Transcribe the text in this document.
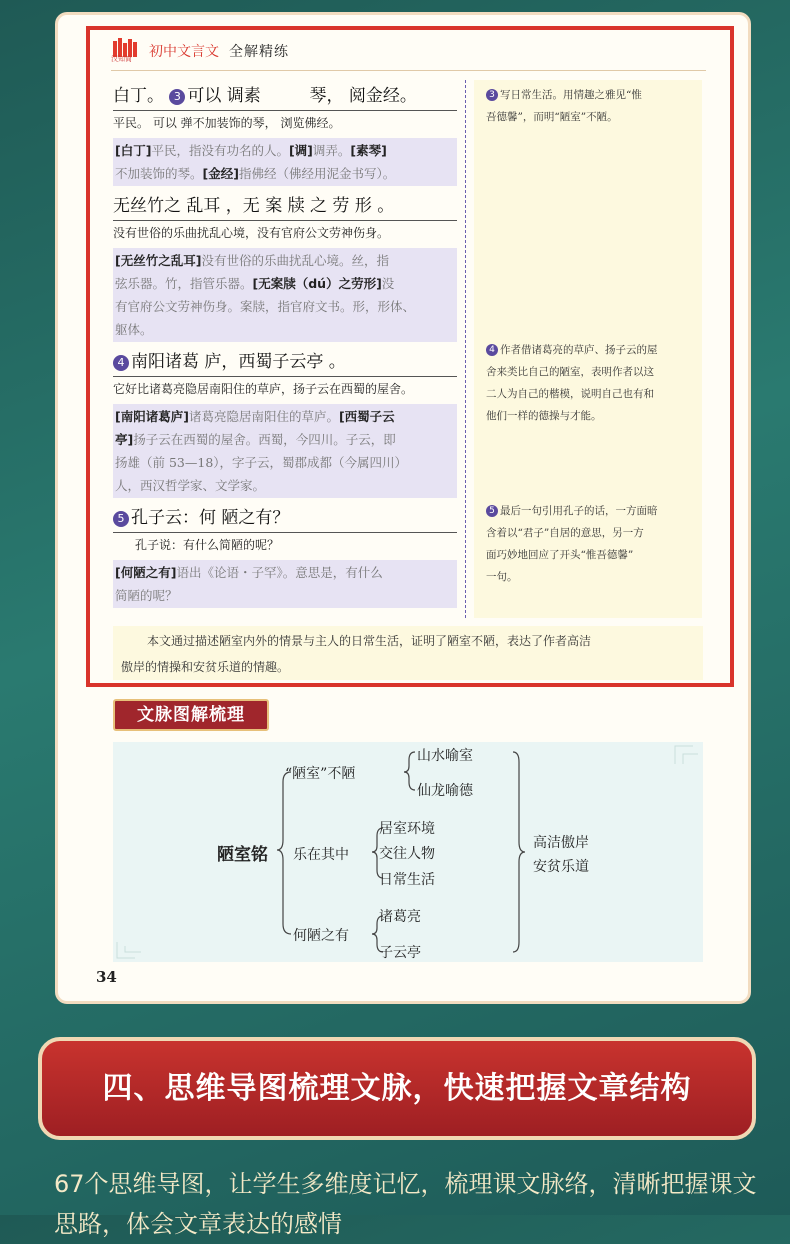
汉知简 初中文言文 全解精练
白丁。 3 可以 调素	琴， 阅金经。
平民。 可以 弹不加装饰的琴， 浏览佛经。
[白丁]平民，指没有功名的人。[调]调弄。[素琴]
不加装饰的琴。[金经]指佛经（佛经用泥金书写）。
无丝竹之 乱耳 ，无 案 牍 之 劳 形 。
没有世俗的乐曲扰乱心境，没有官府公文劳神伤身。
[无丝竹之乱耳]没有世俗的乐曲扰乱心境。丝，指
弦乐器。竹，指管乐器。[无案牍（dú）之劳形]没
有官府公文劳神伤身。案牍，指官府文书。形，形体、
躯体。
4 南阳诸葛 庐，西蜀子云亭 。
它好比诸葛亮隐居南阳住的草庐，扬子云在西蜀的屋舍。
[南阳诸葛庐]诸葛亮隐居南阳住的草庐。[西蜀子云
亭]扬子云在西蜀的屋舍。西蜀，今四川。子云，即
扬雄（前 53—18），字子云，蜀郡成都（今属四川）
人，西汉哲学家、文学家。
5 孔子云：何 陋之有？
孔子说：有什么简陋的呢？
[何陋之有]语出《论语・子罕》。意思是，有什么
简陋的呢？
3 写日常生活。用情趣之雅见“惟
吾德馨”，而明“陋室”不陋。
4 作者借诸葛亮的草庐、扬子云的屋
舍来类比自己的陋室，表明作者以这
二人为自己的楷模，说明自己也有和
他们一样的德操与才能。
5 最后一句引用孔子的话，一方面暗
含着以“君子”自居的意思，另一方
面巧妙地回应了开头“惟吾德馨”
一句。
本文通过描述陋室内外的情景与主人的日常生活，证明了陋室不陋，表达了作者高洁
傲岸的情操和安贫乐道的情趣。
文脉图解梳理
陋室铭
“陋室”不陋
山水喻室
仙龙喻德
乐在其中
居室环境
交往人物
日常生活
何陋之有
诸葛亮
子云亭
高洁傲岸
安贫乐道
34
四、思维导图梳理文脉，快速把握文章结构
67个思维导图，让学生多维度记忆，梳理课文脉络，清晰把握课文思路，体会文章表达的感情
